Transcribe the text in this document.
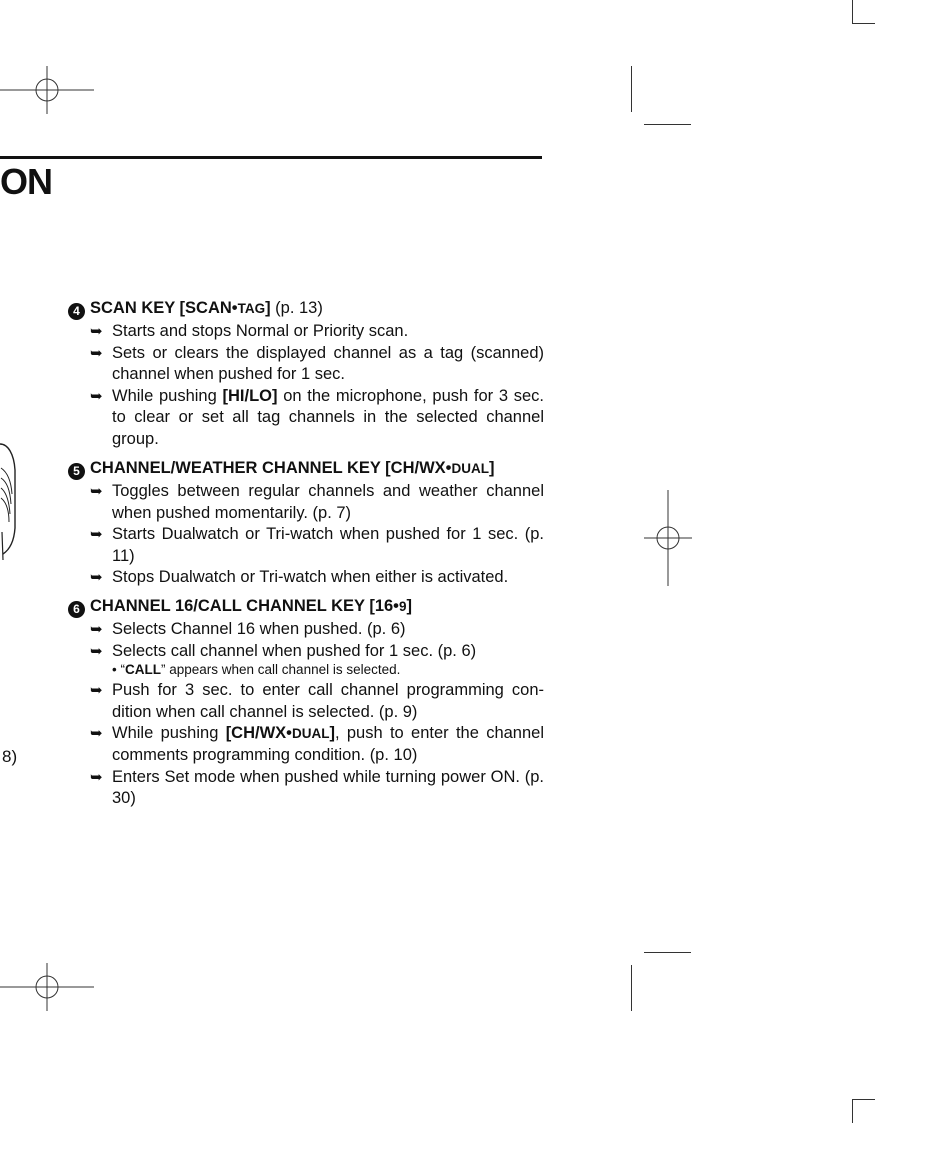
ON
8)
4 SCAN KEY [SCAN•TAG] (p. 13)
➥ Starts and stops Normal or Priority scan.
➥ Sets or clears the displayed channel as a tag (scanned) channel when pushed for 1 sec.
➥ While pushing [HI/LO] on the microphone, push for 3 sec. to clear or set all tag channels in the selected channel group.
5 CHANNEL/WEATHER CHANNEL KEY [CH/WX•DUAL]
➥ Toggles between regular channels and weather channel when pushed momentarily. (p. 7)
➥ Starts Dualwatch or Tri-watch when pushed for 1 sec. (p. 11)
➥ Stops Dualwatch or Tri-watch when either is activated.
6 CHANNEL 16/CALL CHANNEL KEY [16•9]
➥ Selects Channel 16 when pushed. (p. 6)
➥ Selects call channel when pushed for 1 sec. (p. 6)
• “CALL” appears when call channel is selected.
➥ Push for 3 sec. to enter call channel programming condition when call channel is selected. (p. 9)
➥ While pushing [CH/WX•DUAL], push to enter the channel comments programming condition. (p. 10)
➥ Enters Set mode when pushed while turning power ON. (p. 30)
